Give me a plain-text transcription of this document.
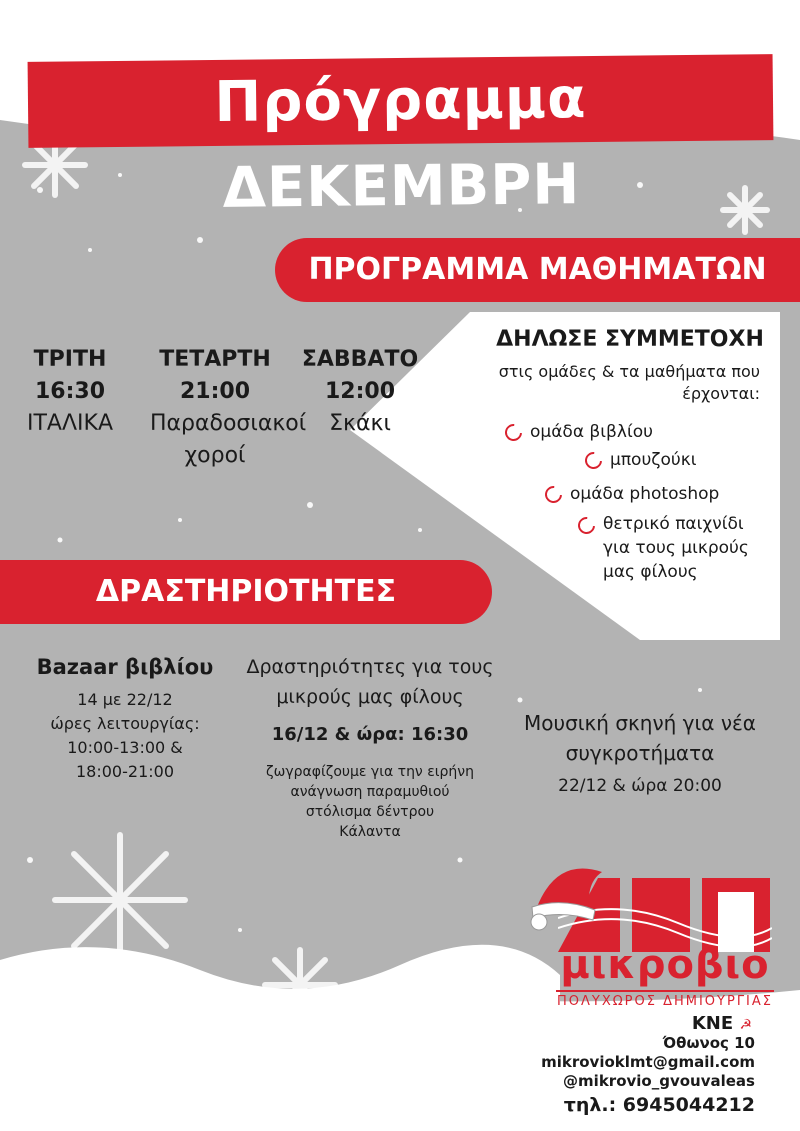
Πρόγραμμα ΔΕΚΕΜΒΡΗ
ΠΡΟΓΡΑΜΜΑ ΜΑΘΗΜΑΤΩΝ
ΤΡΙΤΗ
16:30
ΙΤΑΛΙΚΑ
ΤΕΤΑΡΤΗ
21:00
Παραδοσιακοί χοροί
ΣΑΒΒΑΤΟ
12:00
Σκάκι
ΔΗΛΩΣΕ ΣΥΜΜΕΤΟΧΗ
στις ομάδες & τα μαθήματα που έρχονται:
ομάδα βιβλίου
μπουζούκι
ομάδα photoshop
θετρικό παιχνίδι για τους μικρούς μας φίλους
ΔΡΑΣΤΗΡΙΟΤΗΤΕΣ
Bazaar βιβλίου
14 με 22/12
ώρες λειτουργίας:
10:00-13:00 &
18:00-21:00
Δραστηριότητες για τους μικρούς μας φίλους
16/12 & ώρα: 16:30
ζωγραφίζουμε για την ειρήνη
ανάγνωση παραμυθιού
στόλισμα δέντρου
Κάλαντα
Μουσική σκηνή για νέα συγκροτήματα
22/12 & ώρα 20:00
μικροβιο
ΠΟΛΥΧΩΡΟΣ ΔΗΜΙΟΥΡΓΙΑΣ
ΚΝΕ ☭
Όθωνος 10
mikrovioklmt@gmail.com
@mikrovio_gvouvaleas
τηλ.: 6945044212
